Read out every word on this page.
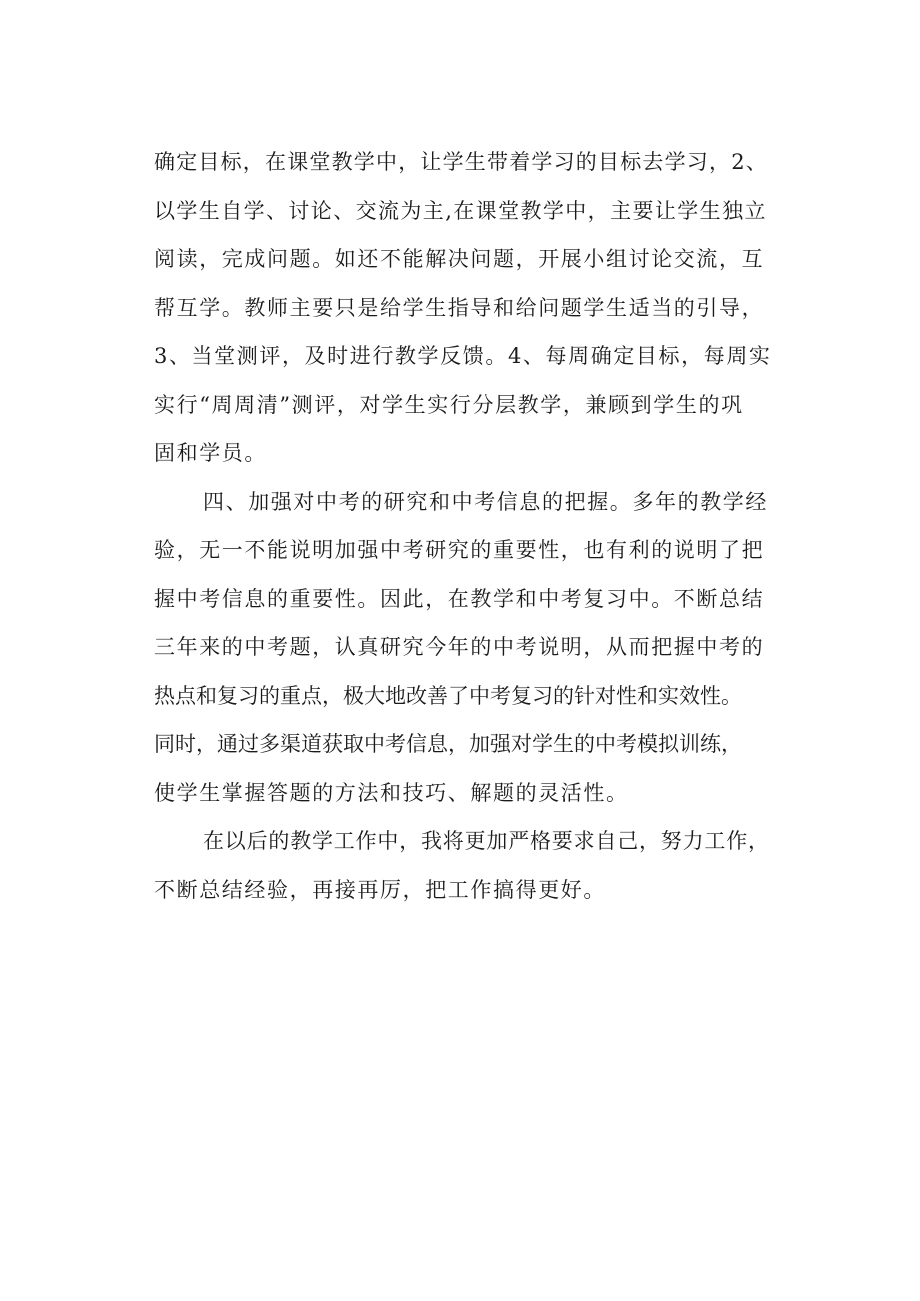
确定目标，在课堂教学中，让学生带着学习的目标去学习，2、
以学生自学、讨论、交流为主,在课堂教学中，主要让学生独立
阅读，完成问题。如还不能解决问题，开展小组讨论交流，互
帮互学。教师主要只是给学生指导和给问题学生适当的引导，
3、当堂测评，及时进行教学反馈。4、每周确定目标，每周实
实行“周周清”测评，对学生实行分层教学，兼顾到学生的巩
固和学员。
四、加强对中考的研究和中考信息的把握。多年的教学经
验，无一不能说明加强中考研究的重要性，也有利的说明了把
握中考信息的重要性。因此，在教学和中考复习中。不断总结
三年来的中考题，认真研究今年的中考说明，从而把握中考的
热点和复习的重点，极大地改善了中考复习的针对性和实效性。
同时，通过多渠道获取中考信息，加强对学生的中考模拟训练，
使学生掌握答题的方法和技巧、解题的灵活性。
在以后的教学工作中，我将更加严格要求自己，努力工作，
不断总结经验，再接再厉，把工作搞得更好。
